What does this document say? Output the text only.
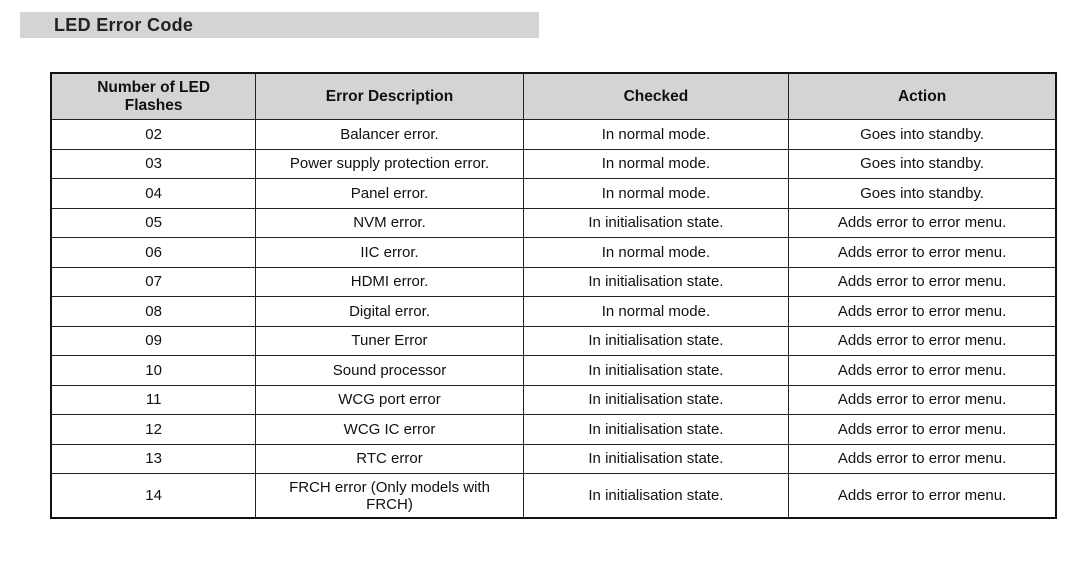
LED Error Code
Number of LED Flashes	Error Description	Checked	Action
02	Balancer error.	In normal mode.	Goes into standby.
03	Power supply protection error.	In normal mode.	Goes into standby.
04	Panel error.	In normal mode.	Goes into standby.
05	NVM error.	In initialisation state.	Adds error to error menu.
06	IIC error.	In normal mode.	Adds error to error menu.
07	HDMI error.	In initialisation state.	Adds error to error menu.
08	Digital error.	In normal mode.	Adds error to error menu.
09	Tuner Error	In initialisation state.	Adds error to error menu.
10	Sound processor	In initialisation state.	Adds error to error menu.
11	WCG port error	In initialisation state.	Adds error to error menu.
12	WCG IC error	In initialisation state.	Adds error to error menu.
13	RTC error	In initialisation state.	Adds error to error menu.
14	FRCH error (Only models with FRCH)	In initialisation state.	Adds error to error menu.
